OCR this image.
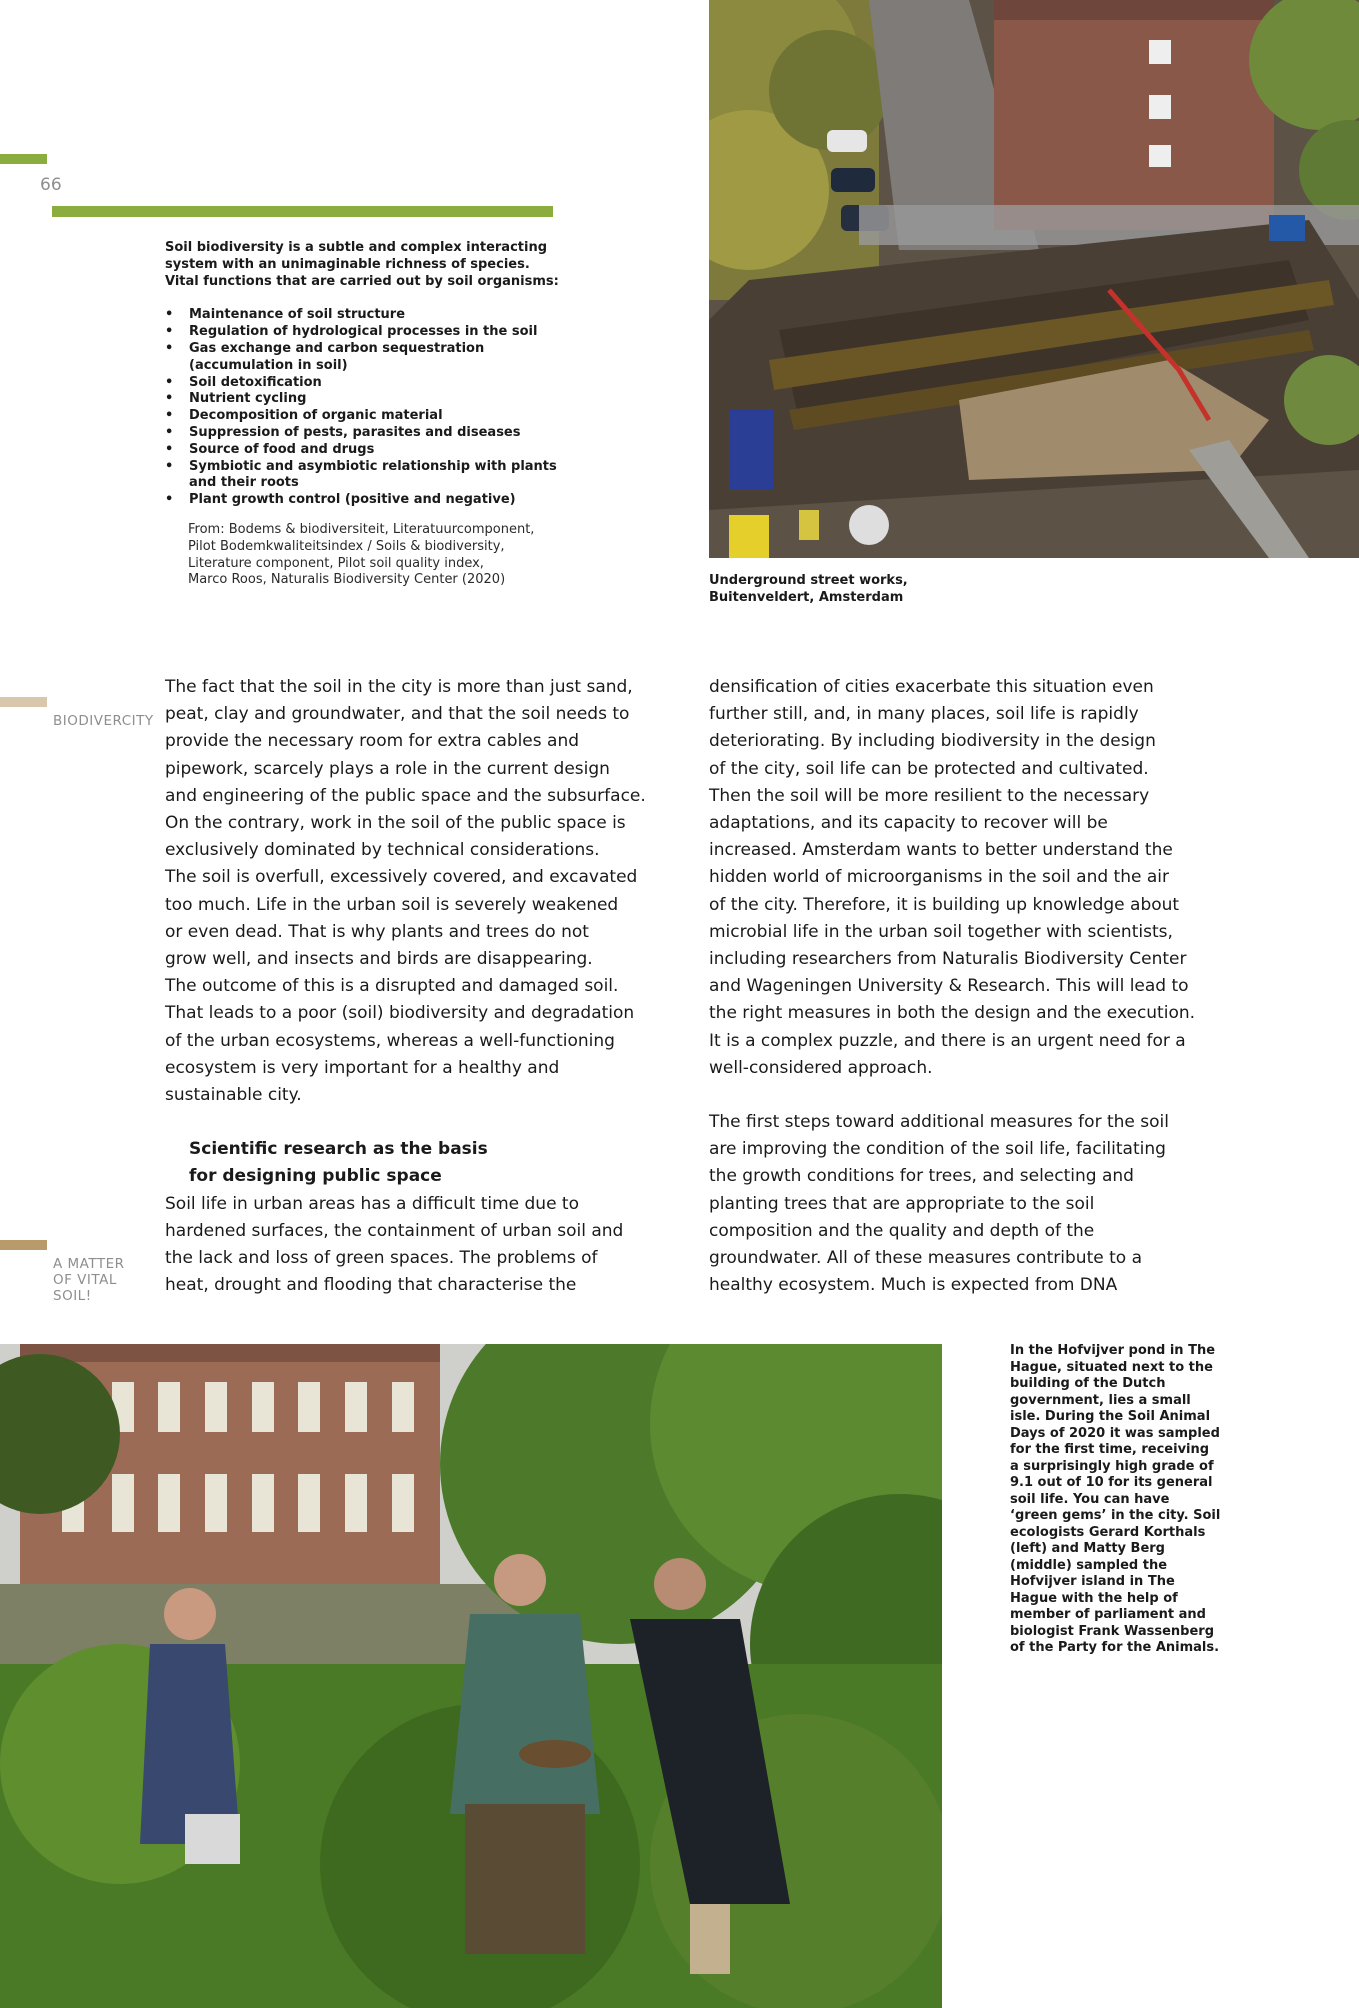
66

Soil biodiversity is a subtle and complex interacting system with an unimaginable richness of species. Vital functions that are carried out by soil organisms:

• Maintenance of soil structure
• Regulation of hydrological processes in the soil
• Gas exchange and carbon sequestration (accumulation in soil)
• Soil detoxification
• Nutrient cycling
• Decomposition of organic material
• Suppression of pests, parasites and diseases
• Source of food and drugs
• Symbiotic and asymbiotic relationship with plants and their roots
• Plant growth control (positive and negative)
From: Bodems & biodiversiteit, Literatuurcomponent,
Pilot Bodemkwaliteitsindex / Soils & biodiversity,
Literature component, Pilot soil quality index,
Marco Roos, Naturalis Biodiversity Center (2020)	Underground street works,
Buitenveldert, Amsterdam
BIODIVERCITY
A MATTER
OF VITAL
SOIL!

The fact that the soil in the city is more than just sand,

peat, clay and groundwater, and that the soil needs to

provide the necessary room for extra cables and

pipework, scarcely plays a role in the current design

and engineering of the public space and the subsurface.

On the contrary, work in the soil of the public space is

exclusively dominated by technical considerations.

The soil is overfull, excessively covered, and excavated

too much. Life in the urban soil is severely weakened

or even dead. That is why plants and trees do not

grow well, and insects and birds are disappearing.

The outcome of this is a disrupted and damaged soil.

That leads to a poor (soil) biodiversity and degradation

of the urban ecosystems, whereas a well-functioning

ecosystem is very important for a healthy and

sustainable city.

Scientific research as the basis

for designing public space

Soil life in urban areas has a difficult time due to

hardened surfaces, the containment of urban soil and

the lack and loss of green spaces. The problems of

heat, drought and flooding that characterise the

densification of cities exacerbate this situation even

further still, and, in many places, soil life is rapidly

deteriorating. By including biodiversity in the design

of the city, soil life can be protected and cultivated.

Then the soil will be more resilient to the necessary

adaptations, and its capacity to recover will be

increased. Amsterdam wants to better understand the

hidden world of microorganisms in the soil and the air

of the city. Therefore, it is building up knowledge about

microbial life in the urban soil together with scientists,

including researchers from Naturalis Biodiversity Center

and Wageningen University & Research. This will lead to

the right measures in both the design and the execution.

It is a complex puzzle, and there is an urgent need for a

well-considered approach.

The first steps toward additional measures for the soil

are improving the condition of the soil life, facilitating

the growth conditions for trees, and selecting and

planting trees that are appropriate to the soil

composition and the quality and depth of the

groundwater. All of these measures contribute to a

healthy ecosystem. Much is expected from DNA

In the Hofvijver pond in The
Hague, situated next to the
building of the Dutch
government, lies a small
isle. During the Soil Animal
Days of 2020 it was sampled
for the first time, receiving
a surprisingly high grade of
9.1 out of 10 for its general
soil life. You can have
‘green gems’ in the city. Soil
ecologists Gerard Korthals
(left) and Matty Berg
(middle) sampled the
Hofvijver island in The
Hague with the help of
member of parliament and
biologist Frank Wassenberg
of the Party for the Animals.
